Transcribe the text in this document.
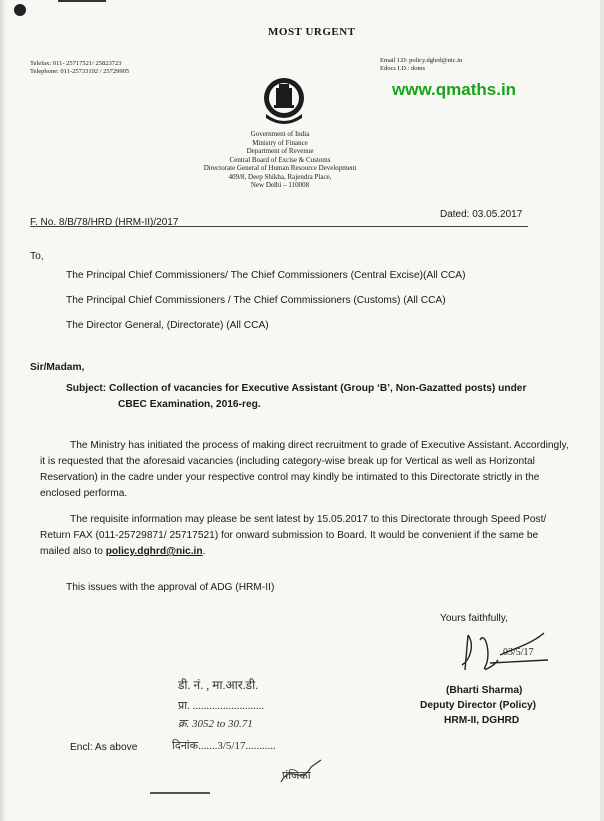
MOST URGENT
Telefax: 011- 25717521/ 25823723
Telephone: 011-25733192 / 25729905
Email I.D: policy.dghrd@nic.in
Edocs I.D.: doms
www.qmaths.in
Government of India
Ministry of Finance
Department of Revenue
Central Board of Excise & Customs
Directorate General of Human Resource Development
409/8, Deep Shikha, Rajendra Place,
New Delhi – 110008
F. No. 8/B/78/HRD (HRM-II)/2017
Dated: 03.05.2017
To,
The Principal Chief Commissioners/ The Chief Commissioners (Central Excise)(All CCA)
The Principal Chief Commissioners / The Chief Commissioners (Customs) (All CCA)
The Director General, (Directorate) (All CCA)
Sir/Madam,
Subject: Collection of vacancies for Executive Assistant (Group ‘B’, Non-Gazatted posts) under
CBEC Examination, 2016-reg.
The Ministry has initiated the process of making direct recruitment to grade of Executive Assistant. Accordingly, it is requested that the aforesaid vacancies (including category-wise break up for Vertical as well as Horizontal Reservation) in the cadre under your respective control may kindly be intimated to this Directorate strictly in the enclosed performa.
The requisite information may please be sent latest by 15.05.2017 to this Directorate through Speed Post/ Return FAX (011-25729871/ 25717521) for onward submission to Board. It would be convenient if the same be mailed also to policy.dghrd@nic.in.
This issues with the approval of ADG (HRM-II)
Yours faithfully,
03/5/17
(Bharti Sharma)
Deputy Director (Policy)
HRM-II, DGHRD
Encl: As above
डी. नं. , मा.आर.डी.
प्रा. ..........................
क्र. 3052 to 30.71
दिनांक.......3/5/17...........
पंजिका
